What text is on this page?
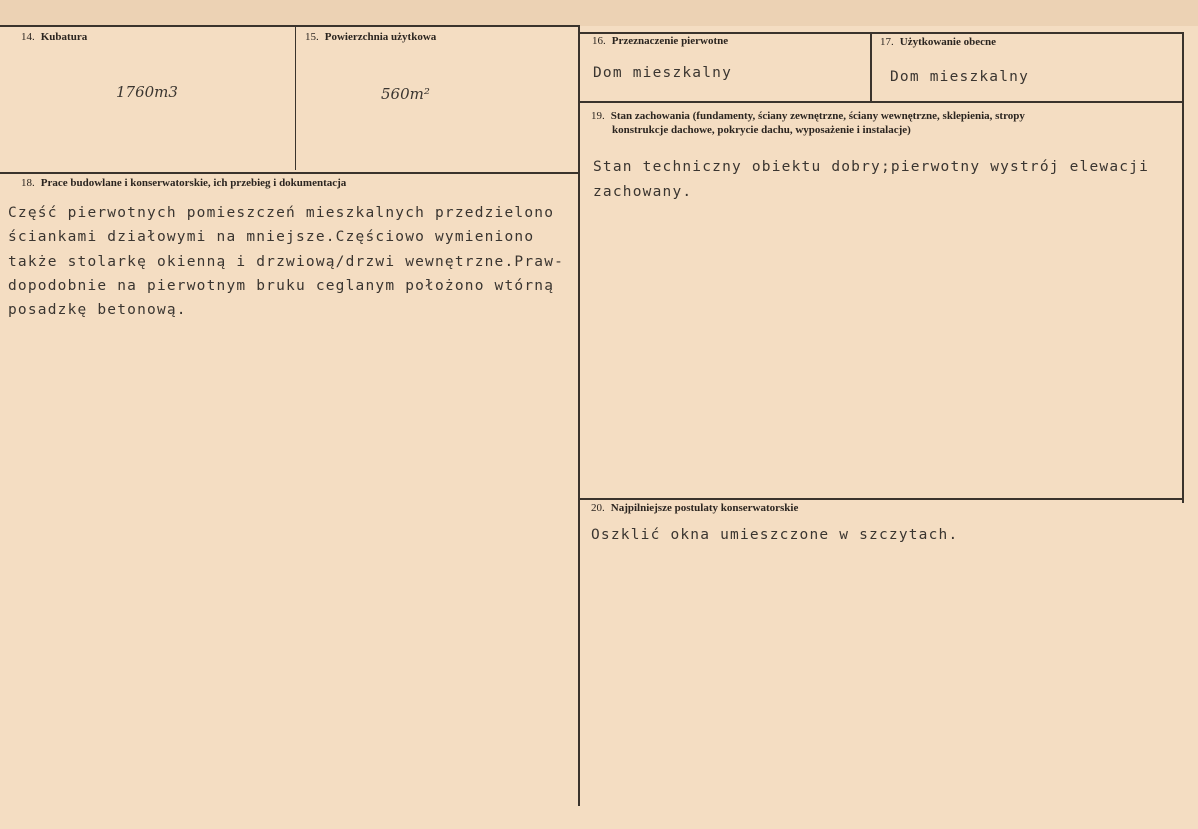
14. Kubatura
1760m3
15. Powierzchnia użytkowa
560m²
16. Przeznaczenie pierwotne
Dom mieszkalny
17. Użytkowanie obecne
Dom mieszkalny
18. Prace budowlane i konserwatorskie, ich przebieg i dokumentacja
Część pierwotnych pomieszczeń mieszkalnych przedzielono
ściankami działowymi na mniejsze.Częściowo wymieniono
także stolarkę okienną i drzwiową/drzwi wewnętrzne.Praw-
dopodobnie na pierwotnym bruku ceglanym położono wtórną
posadzkę betonową.
19. Stan zachowania (fundamenty, ściany zewnętrzne, ściany wewnętrzne, sklepienia, stropy
konstrukcje dachowe, pokrycie dachu, wyposażenie i instalacje)
Stan techniczny obiektu dobry;pierwotny wystrój elewacji
zachowany.
20. Najpilniejsze postulaty konserwatorskie
Oszklić okna umieszczone w szczytach.
